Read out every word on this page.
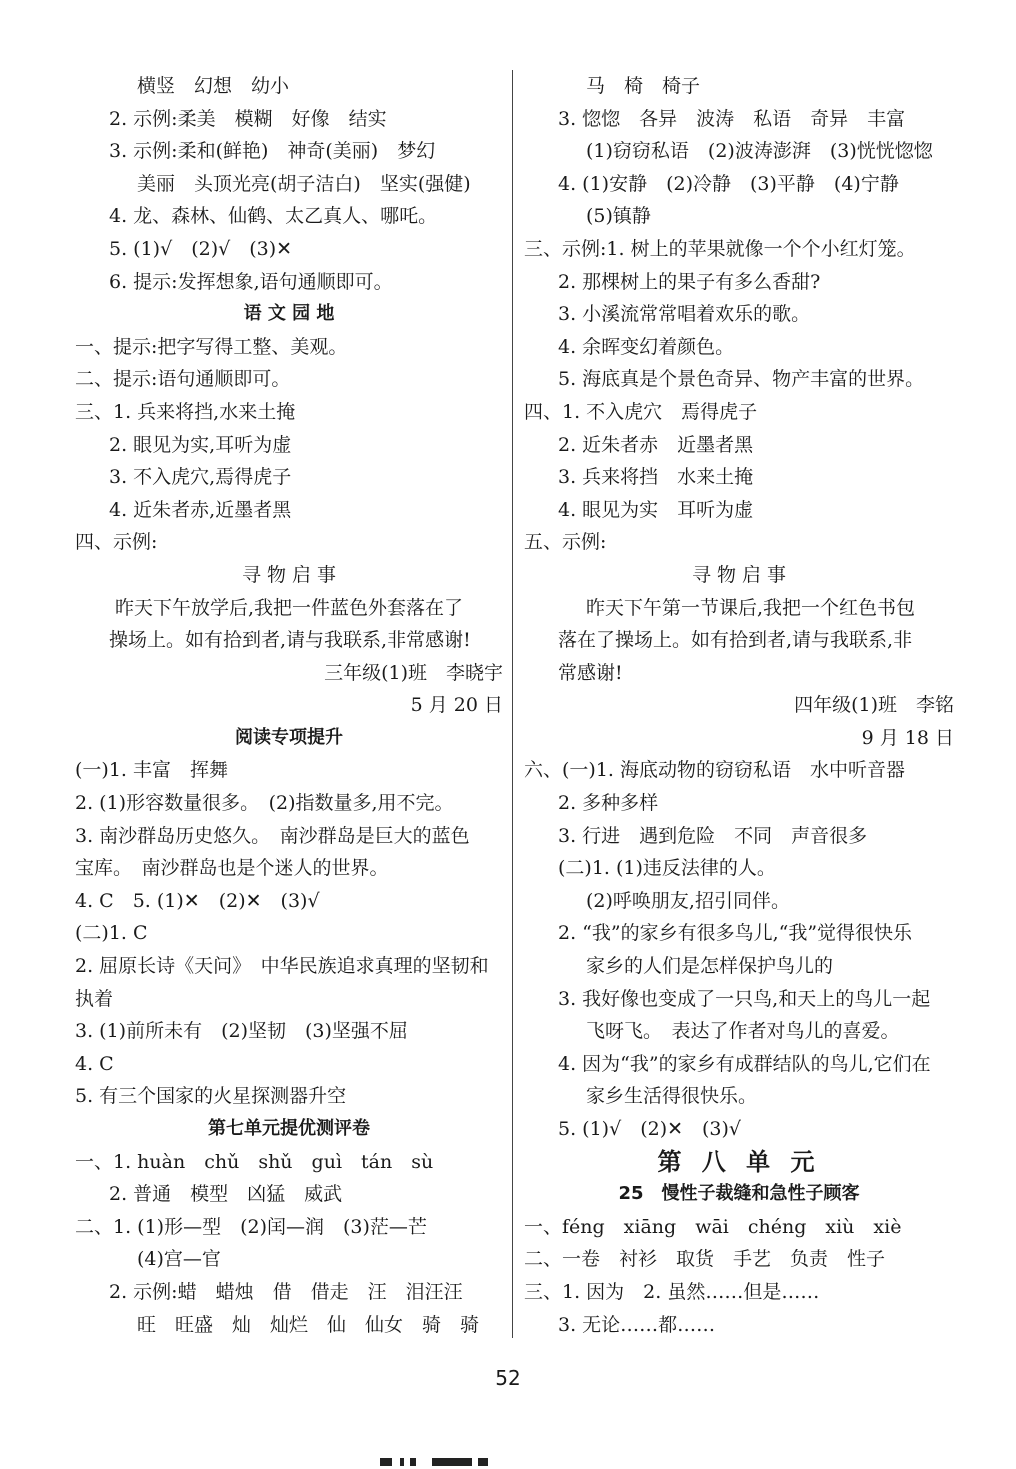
横竖　幻想　幼小
2. 示例:柔美　模糊　好像　结实
3. 示例:柔和(鲜艳)　神奇(美丽)　梦幻
美丽　头顶光亮(胡子洁白)　坚实(强健)
4. 龙、森林、仙鹤、太乙真人、哪吒。
5. (1)√　(2)√　(3)✕
6. 提示:发挥想象,语句通顺即可。
语 文 园 地
一、提示:把字写得工整、美观。
二、提示:语句通顺即可。
三、1. 兵来将挡,水来土掩
2. 眼见为实,耳听为虚
3. 不入虎穴,焉得虎子
4. 近朱者赤,近墨者黑
四、示例:
寻 物 启 事
昨天下午放学后,我把一件蓝色外套落在了
操场上。如有拾到者,请与我联系,非常感谢!
三年级(1)班　李晓宇
5 月 20 日
阅读专项提升
(一)1. 丰富　挥舞
2. (1)形容数量很多。　(2)指数量多,用不完。
3. 南沙群岛历史悠久。　南沙群岛是巨大的蓝色
宝库。　南沙群岛也是个迷人的世界。
4. C　5. (1)✕　(2)✕　(3)√
(二)1. C
2. 屈原长诗《天问》　中华民族追求真理的坚韧和
执着
3. (1)前所未有　(2)坚韧　(3)坚强不屈
4. C
5. 有三个国家的火星探测器升空
第七单元提优测评卷
一、1. huàn　chǔ　shǔ　guì　tán　sù
2. 普通　模型　凶猛　威武
二、1. (1)形—型　(2)闰—润　(3)茫—芒
(4)宫—官
2. 示例:蜡　蜡烛　借　借走　汪　泪汪汪
旺　旺盛　灿　灿烂　仙　仙女　骑　骑
马　椅　椅子
3. 惚惚　各异　波涛　私语　奇异　丰富
(1)窃窃私语　(2)波涛澎湃　(3)恍恍惚惚
4. (1)安静　(2)冷静　(3)平静　(4)宁静
(5)镇静
三、示例:1. 树上的苹果就像一个个小红灯笼。
2. 那棵树上的果子有多么香甜?
3. 小溪流常常唱着欢乐的歌。
4. 余晖变幻着颜色。
5. 海底真是个景色奇异、物产丰富的世界。
四、1. 不入虎穴　焉得虎子
2. 近朱者赤　近墨者黑
3. 兵来将挡　水来土掩
4. 眼见为实　耳听为虚
五、示例:
寻 物 启 事
昨天下午第一节课后,我把一个红色书包
落在了操场上。如有拾到者,请与我联系,非
常感谢!
四年级(1)班　李铭
9 月 18 日
六、(一)1. 海底动物的窃窃私语　水中听音器
2. 多种多样
3. 行进　遇到危险　不同　声音很多
(二)1. (1)违反法律的人。
(2)呼唤朋友,招引同伴。
2. “我”的家乡有很多鸟儿,“我”觉得很快乐
家乡的人们是怎样保护鸟儿的
3. 我好像也变成了一只鸟,和天上的鸟儿一起
飞呀飞。　表达了作者对鸟儿的喜爱。
4. 因为“我”的家乡有成群结队的鸟儿,它们在
家乡生活得很快乐。
5. (1)√　(2)✕　(3)√
第 八 单 元
25　慢性子裁缝和急性子顾客
一、féng　xiāng　wāi　chéng　xiù　xiè
二、一卷　衬衫　取货　手艺　负责　性子
三、1. 因为　2. 虽然……但是……
3. 无论……都……
52
